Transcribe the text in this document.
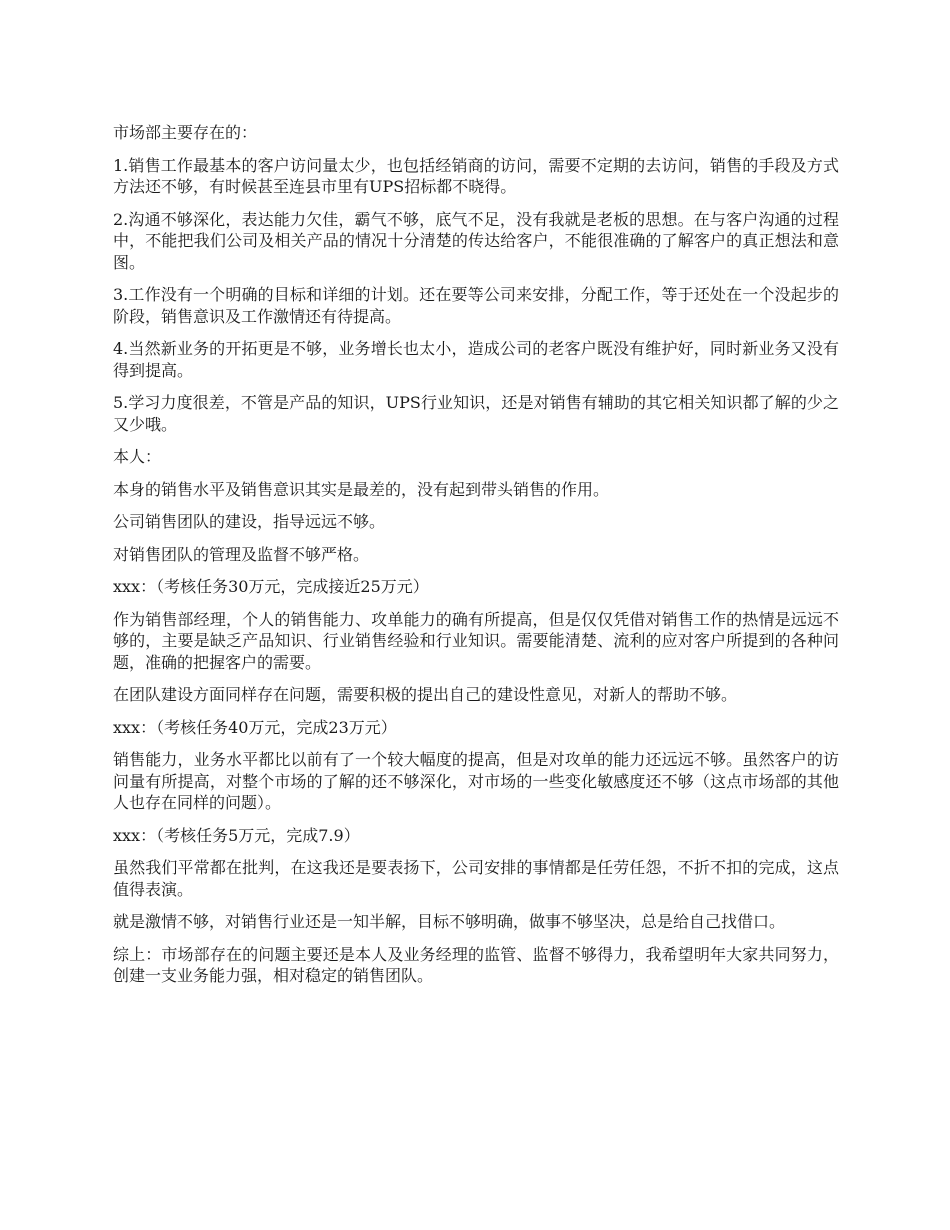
市场部主要存在的：

1.销售工作最基本的客户访问量太少，也包括经销商的访问，需要不定期的去访问，销售的手段及方式方法还不够，有时候甚至连县市里有UPS招标都不晓得。

2.沟通不够深化，表达能力欠佳，霸气不够，底气不足，没有我就是老板的思想。在与客户沟通的过程中，不能把我们公司及相关产品的情况十分清楚的传达给客户，不能很准确的了解客户的真正想法和意图。

3.工作没有一个明确的目标和详细的计划。还在要等公司来安排，分配工作，等于还处在一个没起步的阶段，销售意识及工作激情还有待提高。

4.当然新业务的开拓更是不够，业务增长也太小，造成公司的老客户既没有维护好，同时新业务又没有得到提高。

5.学习力度很差，不管是产品的知识，UPS行业知识，还是对销售有辅助的其它相关知识都了解的少之又少哦。

本人：

本身的销售水平及销售意识其实是最差的，没有起到带头销售的作用。

公司销售团队的建设，指导远远不够。

对销售团队的管理及监督不够严格。

xxx：（考核任务30万元，完成接近25万元）

作为销售部经理，个人的销售能力、攻单能力的确有所提高，但是仅仅凭借对销售工作的热情是远远不够的，主要是缺乏产品知识、行业销售经验和行业知识。需要能清楚、流利的应对客户所提到的各种问题，准确的把握客户的需要。

在团队建设方面同样存在问题，需要积极的提出自己的建设性意见，对新人的帮助不够。

xxx：（考核任务40万元，完成23万元）

销售能力，业务水平都比以前有了一个较大幅度的提高，但是对攻单的能力还远远不够。虽然客户的访问量有所提高，对整个市场的了解的还不够深化，对市场的一些变化敏感度还不够（这点市场部的其他人也存在同样的问题）。

xxx：（考核任务5万元，完成7.9）

虽然我们平常都在批判，在这我还是要表扬下，公司安排的事情都是任劳任怨，不折不扣的完成，这点值得表演。

就是激情不够，对销售行业还是一知半解，目标不够明确，做事不够坚决，总是给自己找借口。

综上：市场部存在的问题主要还是本人及业务经理的监管、监督不够得力，我希望明年大家共同努力，创建一支业务能力强，相对稳定的销售团队。
